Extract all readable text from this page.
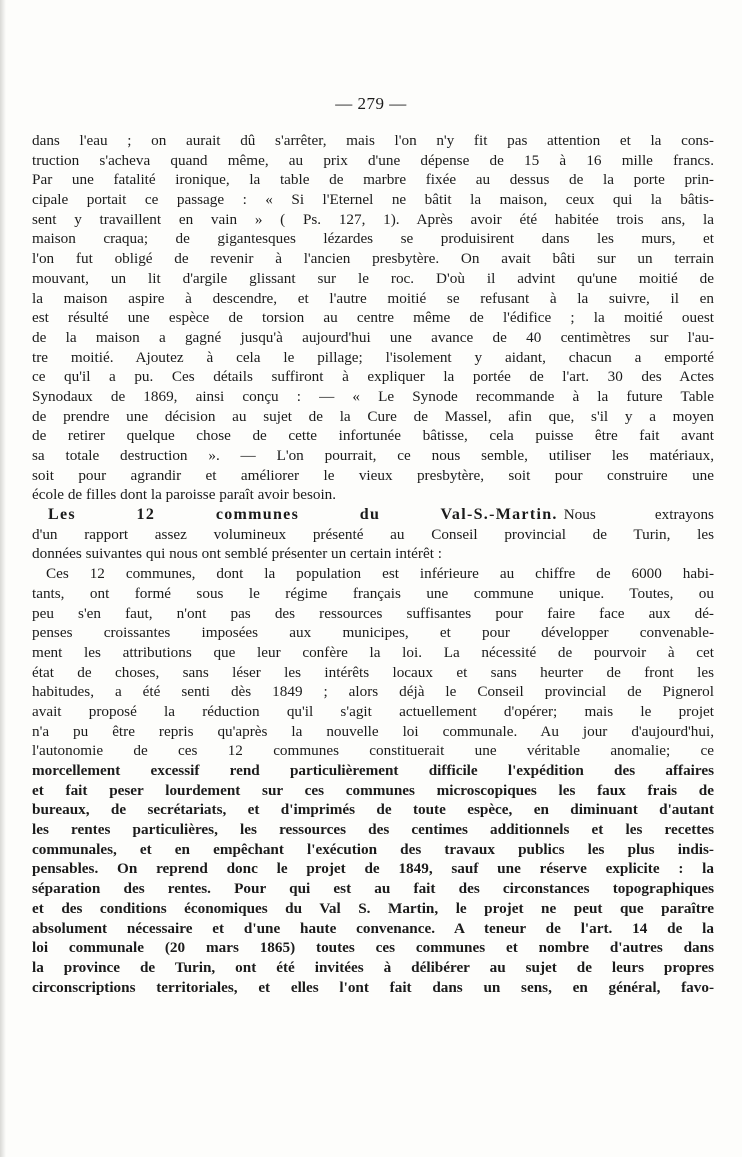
— 279 —
dans l'eau ; on aurait dû s'arrêter, mais l'on n'y fit pas attention et la cons-
truction s'acheva quand même, au prix d'une dépense de 15 à 16 mille francs.
Par une fatalité ironique, la table de marbre fixée au dessus de la porte prin-
cipale portait ce passage : « Si l'Eternel ne bâtit la maison, ceux qui la bâtis-
sent y travaillent en vain » ( Ps. 127, 1). Après avoir été habitée trois ans, la
maison craqua; de gigantesques lézardes se produisirent dans les murs, et
l'on fut obligé de revenir à l'ancien presbytère. On avait bâti sur un terrain
mouvant, un lit d'argile glissant sur le roc. D'où il advint qu'une moitié de
la maison aspire à descendre, et l'autre moitié se refusant à la suivre, il en
est résulté une espèce de torsion au centre même de l'édifice ; la moitié ouest
de la maison a gagné jusqu'à aujourd'hui une avance de 40 centimètres sur l'au-
tre moitié. Ajoutez à cela le pillage; l'isolement y aidant, chacun a emporté
ce qu'il a pu. Ces détails suffiront à expliquer la portée de l'art. 30 des Actes
Synodaux de 1869, ainsi conçu : — « Le Synode recommande à la future Table
de prendre une décision au sujet de la Cure de Massel, afin que, s'il y a moyen
de retirer quelque chose de cette infortunée bâtisse, cela puisse être fait avant
sa totale destruction ». — L'on pourrait, ce nous semble, utiliser les matériaux,
soit pour agrandir et améliorer le vieux presbytère, soit pour construire une
école de filles dont la paroisse paraît avoir besoin.
Les 12 communes du Val-S.-Martin. Nous extrayons
d'un rapport assez volumineux présenté au Conseil provincial de Turin, les
données suivantes qui nous ont semblé présenter un certain intérêt :
Ces 12 communes, dont la population est inférieure au chiffre de 6000 habi-
tants, ont formé sous le régime français une commune unique. Toutes, ou
peu s'en faut, n'ont pas des ressources suffisantes pour faire face aux dé-
penses croissantes imposées aux municipes, et pour développer convenable-
ment les attributions que leur confère la loi. La nécessité de pourvoir à cet
état de choses, sans léser les intérêts locaux et sans heurter de front les
habitudes, a été senti dès 1849 ; alors déjà le Conseil provincial de Pignerol
avait proposé la réduction qu'il s'agit actuellement d'opérer; mais le projet
n'a pu être repris qu'après la nouvelle loi communale. Au jour d'aujourd'hui,
l'autonomie de ces 12 communes constituerait une véritable anomalie; ce
morcellement excessif rend particulièrement difficile l'expédition des affaires
et fait peser lourdement sur ces communes microscopiques les faux frais de
bureaux, de secrétariats, et d'imprimés de toute espèce, en diminuant d'autant
les rentes particulières, les ressources des centimes additionnels et les recettes
communales, et en empêchant l'exécution des travaux publics les plus indis-
pensables. On reprend donc le projet de 1849, sauf une réserve explicite : la
séparation des rentes. Pour qui est au fait des circonstances topographiques
et des conditions économiques du Val S. Martin, le projet ne peut que paraître
absolument nécessaire et d'une haute convenance. A teneur de l'art. 14 de la
loi communale (20 mars 1865) toutes ces communes et nombre d'autres dans
la province de Turin, ont été invitées à délibérer au sujet de leurs propres
circonscriptions territoriales, et elles l'ont fait dans un sens, en général, favo-
